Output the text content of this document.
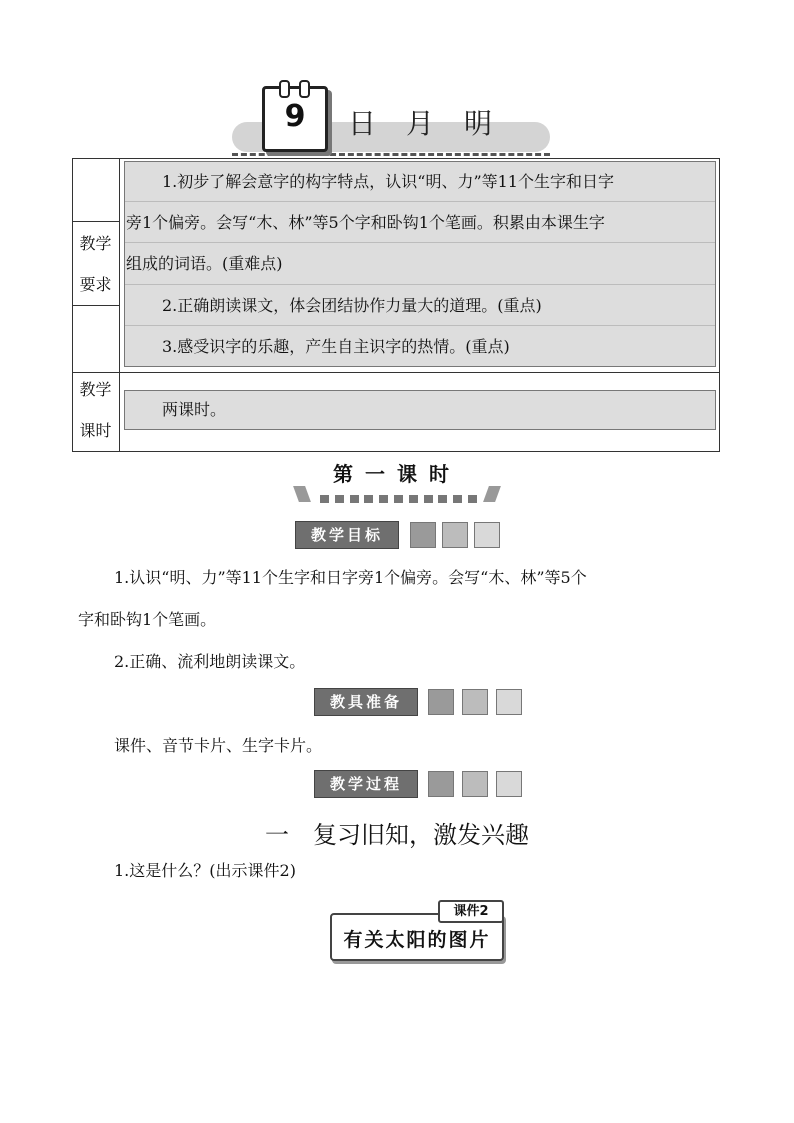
9	日月明
教学
要求
1.初步了解会意字的构字特点，认识“明、力”等11个生字和日字
旁1个偏旁。会写“木、林”等5个字和卧钩1个笔画。积累由本课生字
组成的词语。(重难点)
2.正确朗读课文，体会团结协作力量大的道理。(重点)
3.感受识字的乐趣，产生自主识字的热情。(重点)
教学
课时
两课时。
第一课时
教学目标
1.认识“明、力”等11个生字和日字旁1个偏旁。会写“木、林”等5个
字和卧钩1个笔画。
2.正确、流利地朗读课文。
教具准备
课件、音节卡片、生字卡片。
教学过程
一　复习旧知，激发兴趣
1.这是什么？(出示课件2)
课件2
有关太阳的图片
